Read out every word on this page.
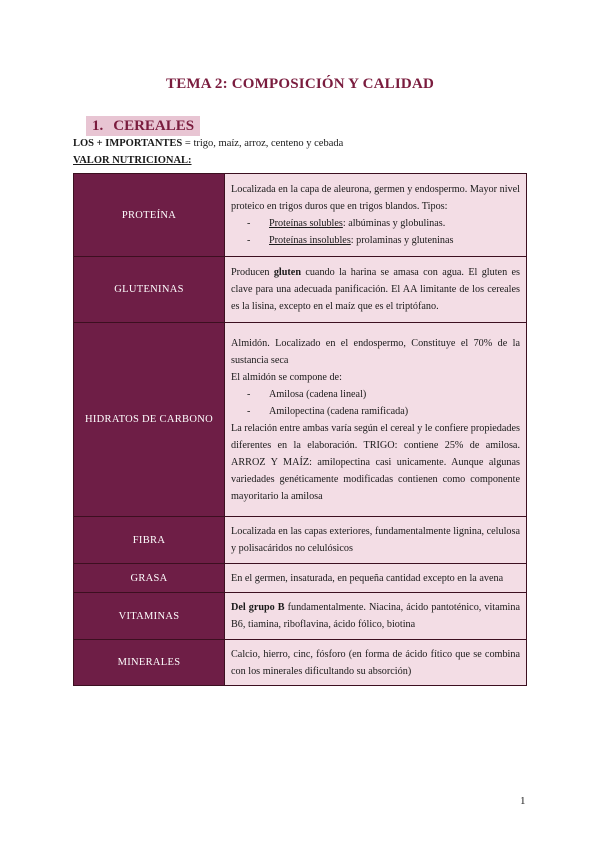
TEMA 2: COMPOSICIÓN Y CALIDAD
1. CEREALES
LOS + IMPORTANTES = trigo, maíz, arroz, centeno y cebada
VALOR NUTRICIONAL:
PROTEÍNA	Localizada en la capa de aleurona, germen y endospermo. Mayor nivel proteico en trigos duros que en trigos blandos. Tipos:
- Proteínas solubles: albúminas y globulinas.
- Proteínas insolubles: prolaminas y gluteninas

GLUTENINAS	Producen gluten cuando la harina se amasa con agua. El gluten es clave para una adecuada panificación. El AA limitante de los cereales es la lisina, excepto en el maíz que es el triptófano.
HIDRATOS DE CARBONO	Almidón. Localizado en el endospermo, Constituye el 70% de la sustancia seca
El almidón se compone de:
- Amilosa (cadena lineal)
- Amilopectina (cadena ramificada)
La relación entre ambas varía según el cereal y le confiere propiedades diferentes en la elaboración. TRIGO: contiene 25% de amilosa. ARROZ Y MAÍZ: amilopectina casi unicamente. Aunque algunas variedades genéticamente modificadas contienen como componente mayoritario la amilosa

FIBRA	Localizada en las capas exteriores, fundamentalmente lignina, celulosa y polisacáridos no celulósicos
GRASA	En el germen, insaturada, en pequeña cantidad excepto en la avena
VITAMINAS	Del grupo B fundamentalmente. Niacina, ácido pantoténico, vitamina B6, tiamina, riboflavina, ácido fólico, biotina
MINERALES	Calcio, hierro, cinc, fósforo (en forma de ácido fítico que se combina con los minerales dificultando su absorción)
1
